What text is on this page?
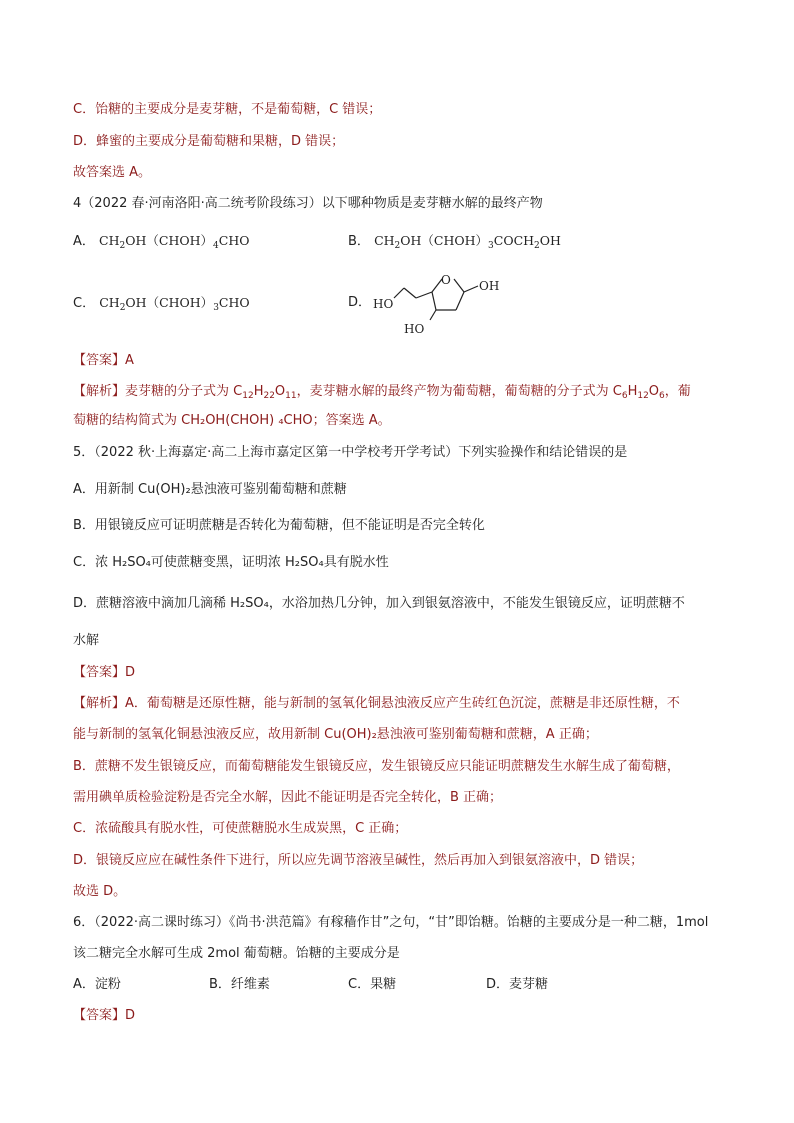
C．饴糖的主要成分是麦芽糖，不是葡萄糖，C 错误；
D．蜂蜜的主要成分是葡萄糖和果糖，D 错误；
故答案选 A。
4（2022 春·河南洛阳·高二统考阶段练习）以下哪种物质是麦芽糖水解的最终产物
A． $CH_2OH(CHOH)_4CHO$	B． $CH_2OH(CHOH)_3COCH_2OH$
C． $CH_2OH(CHOH)_3CHO$	D．
O OH
HO
HO
【答案】A
【解析】麦芽糖的分子式为 $C_{12}H_{22}O_{11}$，麦芽糖水解的最终产物为葡萄糖，葡萄糖的分子式为 $C_6H_{12}O_6$，葡
萄糖的结构简式为 CH₂OH(CHOH) ₄CHO；答案选 A。
5．（2022 秋·上海嘉定·高二上海市嘉定区第一中学校考开学考试）下列实验操作和结论错误的是
A．用新制 Cu(OH)₂悬浊液可鉴别葡萄糖和蔗糖
B．用银镜反应可证明蔗糖是否转化为葡萄糖，但不能证明是否完全转化
C．浓 H₂SO₄可使蔗糖变黑，证明浓 H₂SO₄具有脱水性
D．蔗糖溶液中滴加几滴稀 H₂SO₄，水浴加热几分钟，加入到银氨溶液中，不能发生银镜反应，证明蔗糖不
水解
【答案】D
【解析】A．葡萄糖是还原性糖，能与新制的氢氧化铜悬浊液反应产生砖红色沉淀，蔗糖是非还原性糖，不
能与新制的氢氧化铜悬浊液反应，故用新制 Cu(OH)₂悬浊液可鉴别葡萄糖和蔗糖，A 正确；
B．蔗糖不发生银镜反应，而葡萄糖能发生银镜反应，发生银镜反应只能证明蔗糖发生水解生成了葡萄糖，
需用碘单质检验淀粉是否完全水解，因此不能证明是否完全转化，B 正确；
C．浓硫酸具有脱水性，可使蔗糖脱水生成炭黑，C 正确；
D．银镜反应应在碱性条件下进行，所以应先调节溶液呈碱性，然后再加入到银氨溶液中，D 错误；
故选 D。
6．（2022·高二课时练习）《尚书·洪范篇》有稼穑作甘”之句，“甘”即饴糖。饴糖的主要成分是一种二糖，1mol
该二糖完全水解可生成 2mol 葡萄糖。饴糖的主要成分是
A．淀粉	B．纤维素	C．果糖	D．麦芽糖
【答案】D
